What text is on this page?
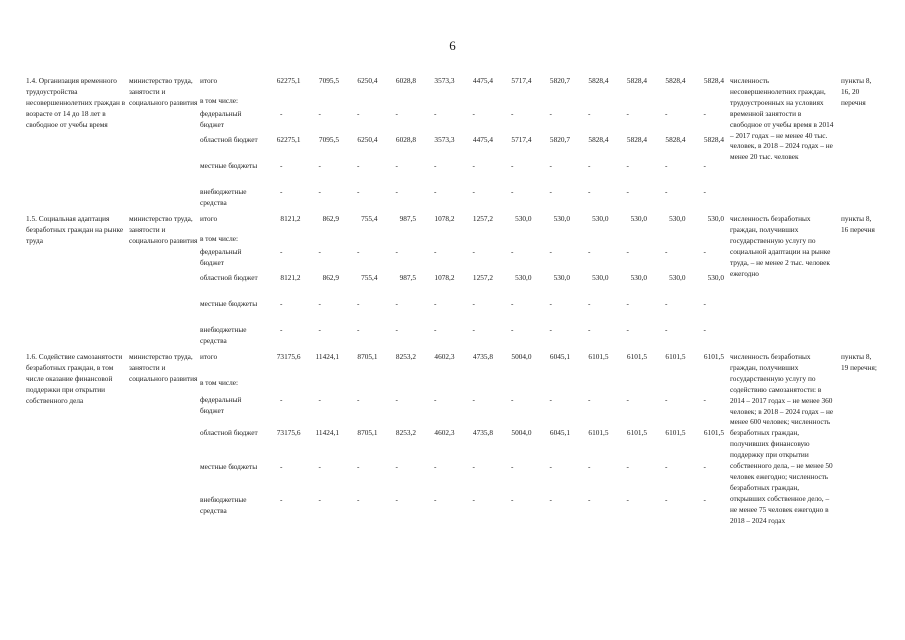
6
1.4. Организация временного трудоустройства несовершеннолетних граждан в возрасте от 14 до 18 лет в свободное от учебы время	министерство труда, занятости и социального развития	итого	62275,1	7095,5	6250,4	6028,8	3573,3	4475,4	5717,4	5820,7	5828,4	5828,4	5828,4	5828,4	численность несовершеннолетних граждан, трудоустроенных на условиях временной занятости в свободное от учебы время в 2014 – 2017 годах – не менее 40 тыс. человек, в 2018 – 2024 годах – не менее 20 тыс. человек	пункты 8, 16, 20 перечня
		в том числе:														
		федеральный бюджет	-	-	-	-	-	-	-	-	-	-	-	-		
		областной бюджет	62275,1	7095,5	6250,4	6028,8	3573,3	4475,4	5717,4	5820,7	5828,4	5828,4	5828,4	5828,4		
		местные бюджеты	-	-	-	-	-	-	-	-	-	-	-	-		
		внебюджетные средства	-	-	-	-	-	-	-	-	-	-	-	-		

1.5. Социальная адаптация безработных граждан на рынке труда	министерство труда, занятости и социального развития	итого	8121,2	862,9	755,4	987,5	1078,2	1257,2	530,0	530,0	530,0	530,0	530,0	530,0	численность безработных граждан, получивших государственную услугу по социальной адаптации на рынке труда, – не менее 2 тыс. человек ежегодно	пункты 8, 16 перечня
		в том числе:														
		федеральный бюджет	-	-	-	-	-	-	-	-	-	-	-	-		
		областной бюджет	8121,2	862,9	755,4	987,5	1078,2	1257,2	530,0	530,0	530,0	530,0	530,0	530,0		
		местные бюджеты	-	-	-	-	-	-	-	-	-	-	-	-		
		внебюджетные средства	-	-	-	-	-	-	-	-	-	-	-	-		

1.6. Содействие самозанятости безработных граждан, в том числе оказание финансовой поддержки при открытии собственного дела	министерство труда, занятости и социального развития	итого	73175,6	11424,1	8705,1	8253,2	4602,3	4735,8	5004,0	6045,1	6101,5	6101,5	6101,5	6101,5	численность безработных граждан, получивших государственную услугу по содействию самозанятости: в 2014 – 2017 годах – не менее 360 человек; в 2018 – 2024 годах – не менее 600 человек; численность безработных граждан, получивших финансовую поддержку при открытии собственного дела, – не менее 50 человек ежегодно; численность безработных граждан, открывших собственное дело, – не менее 75 человек ежегодно в 2018 – 2024 годах	пункты 8, 19 перечня;
		в том числе:														
		федеральный бюджет	-	-	-	-	-	-	-	-	-	-	-	-		
		областной бюджет	73175,6	11424,1	8705,1	8253,2	4602,3	4735,8	5004,0	6045,1	6101,5	6101,5	6101,5	6101,5		
		местные бюджеты	-	-	-	-	-	-	-	-	-	-	-	-		
		внебюджетные средства	-	-	-	-	-	-	-	-	-	-	-	-		
